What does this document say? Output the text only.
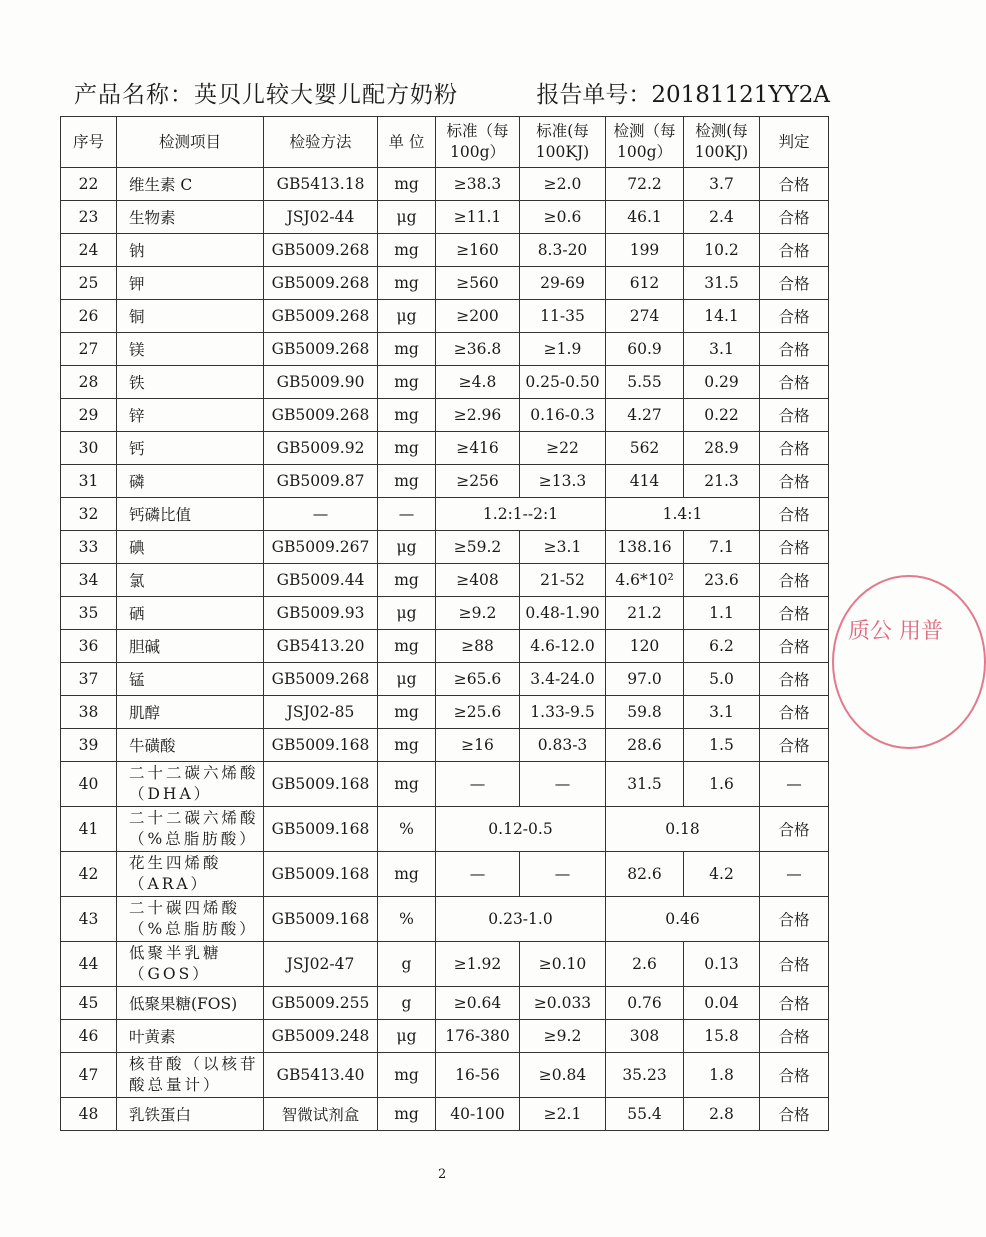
产品名称：英贝儿较大婴儿配方奶粉	报告单号：20181121YY2A
序号	检测项目	检验方法	单 位	标准（每100g）	标准(每100KJ)	检测（每100g）	检测(每100KJ)	判定
22	维生素 C	GB5413.18	mg	≥38.3	≥2.0	72.2	3.7	合格
23	生物素	JSJ02-44	μg	≥11.1	≥0.6	46.1	2.4	合格
24	钠	GB5009.268	mg	≥160	8.3-20	199	10.2	合格
25	钾	GB5009.268	mg	≥560	29-69	612	31.5	合格
26	铜	GB5009.268	μg	≥200	11-35	274	14.1	合格
27	镁	GB5009.268	mg	≥36.8	≥1.9	60.9	3.1	合格
28	铁	GB5009.90	mg	≥4.8	0.25-0.50	5.55	0.29	合格
29	锌	GB5009.268	mg	≥2.96	0.16-0.3	4.27	0.22	合格
30	钙	GB5009.92	mg	≥416	≥22	562	28.9	合格
31	磷	GB5009.87	mg	≥256	≥13.3	414	21.3	合格
32	钙磷比值	—	—	1.2:1--2:1		1.4:1		合格
33	碘	GB5009.267	μg	≥59.2	≥3.1	138.16	7.1	合格
34	氯	GB5009.44	mg	≥408	21-52	4.6*10²	23.6	合格
35	硒	GB5009.93	μg	≥9.2	0.48-1.90	21.2	1.1	合格
36	胆碱	GB5413.20	mg	≥88	4.6-12.0	120	6.2	合格
37	锰	GB5009.268	μg	≥65.6	3.4-24.0	97.0	5.0	合格
38	肌醇	JSJ02-85	mg	≥25.6	1.33-9.5	59.8	3.1	合格
39	牛磺酸	GB5009.168	mg	≥16	0.83-3	28.6	1.5	合格
40	二十二碳六烯酸（DHA）	GB5009.168	mg	—	—	31.5	1.6	—
41	二十二碳六烯酸（%总脂肪酸）	GB5009.168	%	0.12-0.5		0.18		合格
42	花生四烯酸（ARA）	GB5009.168	mg	—	—	82.6	4.2	—
43	二十碳四烯酸（%总脂肪酸）	GB5009.168	%	0.23-1.0		0.46		合格
44	低聚半乳糖（GOS）	JSJ02-47	g	≥1.92	≥0.10	2.6	0.13	合格
45	低聚果糖(FOS)	GB5009.255	g	≥0.64	≥0.033	0.76	0.04	合格
46	叶黄素	GB5009.248	μg	176-380	≥9.2	308	15.8	合格
47	核苷酸（以核苷酸总量计）	GB5413.40	mg	16-56	≥0.84	35.23	1.8	合格
48	乳铁蛋白	智微试剂盒	mg	40-100	≥2.1	55.4	2.8	合格
2
质公 用普
